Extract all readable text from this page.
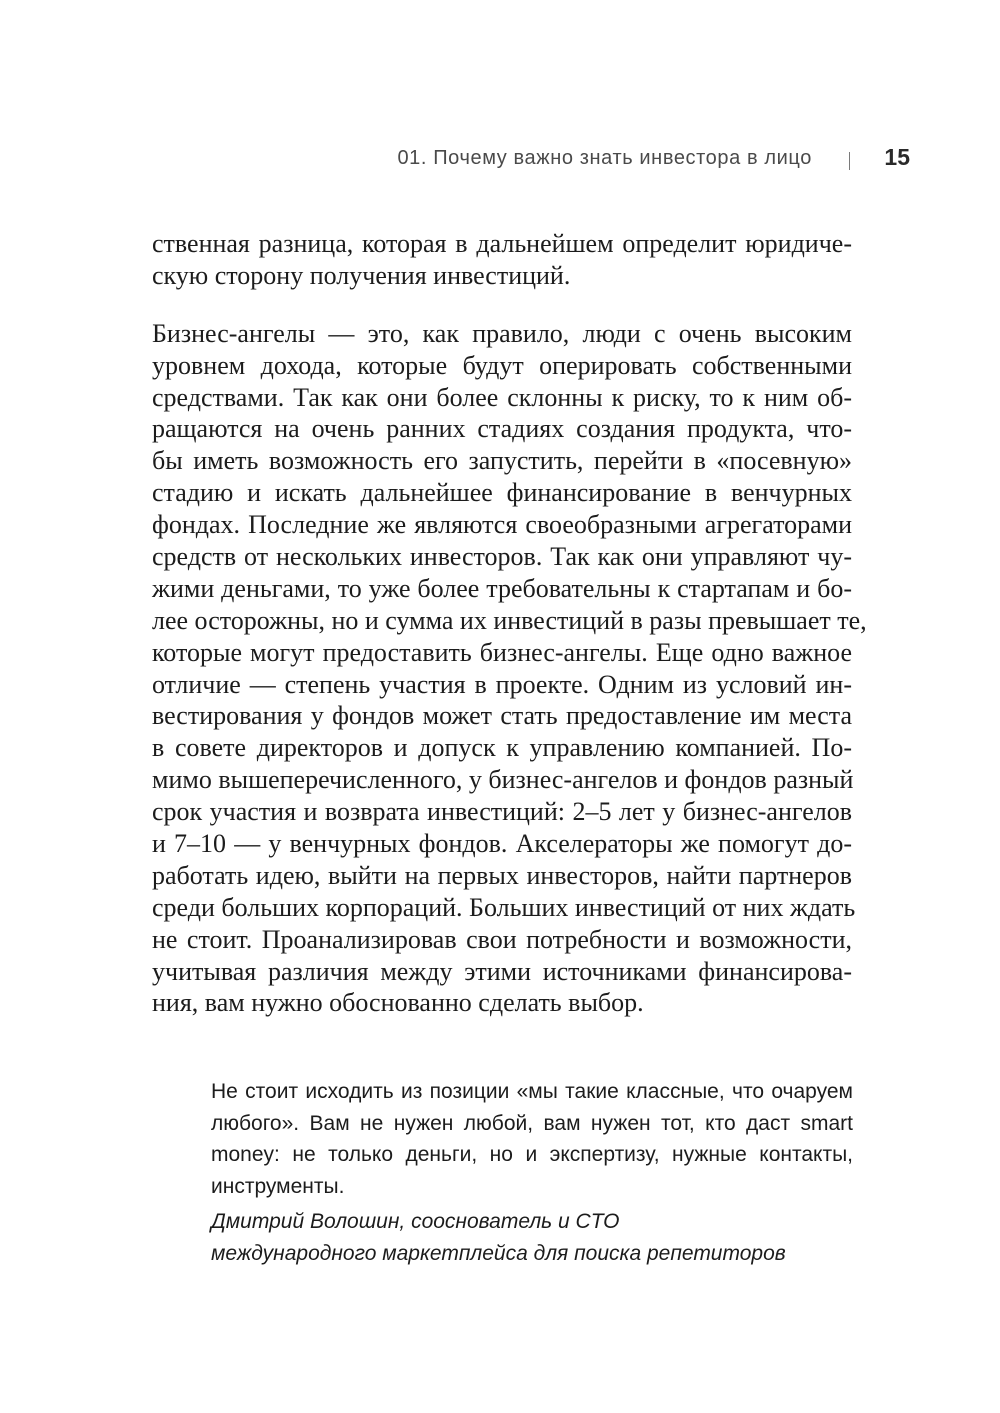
01. Почему важно знать инвестора в лицо	15
ственная разница, которая в дальнейшем определит юридиче-
скую сторону получения инвестиций.
Бизнес-ангелы — это, как правило, люди с очень высоким
уровнем дохода, которые будут оперировать собственными
средствами. Так как они более склонны к риску, то к ним об-
ращаются на очень ранних стадиях создания продукта, что-
бы иметь возможность его запустить, перейти в «посевную»
стадию и искать дальнейшее финансирование в венчурных
фондах. Последние же являются своеобразными агрегаторами
средств от нескольких инвесторов. Так как они управляют чу-
жими деньгами, то уже более требовательны к стартапам и бо-
лее осторожны, но и сумма их инвестиций в разы превышает те,
которые могут предоставить бизнес-ангелы. Еще одно важное
отличие — степень участия в проекте. Одним из условий ин-
вестирования у фондов может стать предоставление им места
в совете директоров и допуск к управлению компанией. По-
мимо вышеперечисленного, у бизнес-ангелов и фондов разный
срок участия и возврата инвестиций: 2–5 лет у бизнес-ангелов
и 7–10 — у венчурных фондов. Акселераторы же помогут до-
работать идею, выйти на первых инвесторов, найти партнеров
среди больших корпораций. Больших инвестиций от них ждать
не стоит. Проанализировав свои потребности и возможности,
учитывая различия между этими источниками финансирова-
ния, вам нужно обоснованно сделать выбор.
Не стоит исходить из позиции «мы такие классные, что очаруем
любого». Вам не нужен любой, вам нужен тот, кто даст smart
money: не только деньги, но и экспертизу, нужные контакты,
инструменты.
Дмитрий Волошин, сооснователь и CTO
международного маркетплейса для поиска репетиторов
